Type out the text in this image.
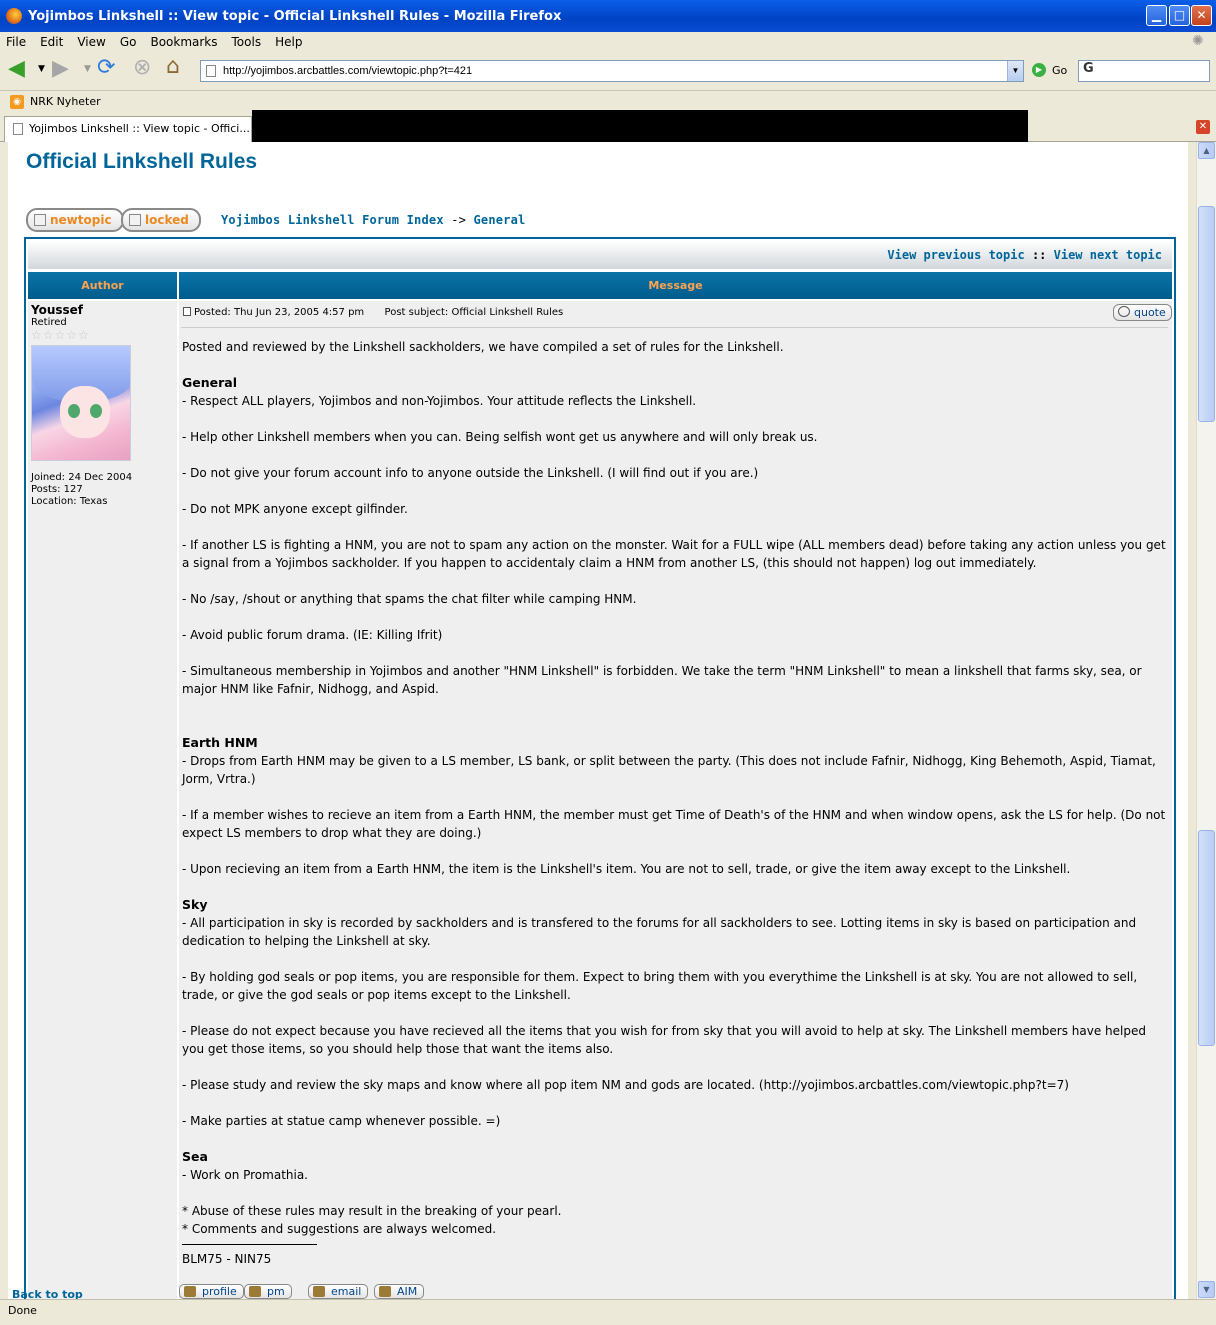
Yojimbos Linkshell :: View topic - Official Linkshell Rules - Mozilla Firefox	▁	□ ✕
File Edit View Go Bookmarks Tools Help	✺
◀ ▼ ▶ ▼ ⟳ ⊗ ⌂	http://yojimbos.arcbattles.com/viewtopic.php?t=421	▼	▶ Go	G
◉ NRK Nyheter
Yojimbos Linkshell :: View topic - Offici...	✕
Official Linkshell Rules
newtopic	locked	Yojimbos Linkshell Forum Index -> General
View previous topic :: View next topic
Author	Message
Youssef
Retired
☆☆☆☆☆
Joined: 24 Dec 2004
Posts: 127
Location: Texas
Posted: Thu Jun 23, 2005 4:57 pm Post subject: Official Linkshell Rules	quote
Posted and reviewed by the Linkshell sackholders, we have compiled a set of rules for the Linkshell.
General
- Respect ALL players, Yojimbos and non-Yojimbos. Your attitude reflects the Linkshell.
- Help other Linkshell members when you can. Being selfish wont get us anywhere and will only break us.
- Do not give your forum account info to anyone outside the Linkshell. (I will find out if you are.)
- Do not MPK anyone except gilfinder.
- If another LS is fighting a HNM, you are not to spam any action on the monster. Wait for a FULL wipe (ALL members dead) before taking any action unless you get a signal from a Yojimbos sackholder. If you happen to accidentaly claim a HNM from another LS, (this should not happen) log out immediately.
- No /say, /shout or anything that spams the chat filter while camping HNM.
- Avoid public forum drama. (IE: Killing Ifrit)
- Simultaneous membership in Yojimbos and another "HNM Linkshell" is forbidden. We take the term "HNM Linkshell" to mean a linkshell that farms sky, sea, or major HNM like Fafnir, Nidhogg, and Aspid.
Earth HNM
- Drops from Earth HNM may be given to a LS member, LS bank, or split between the party. (This does not include Fafnir, Nidhogg, King Behemoth, Aspid, Tiamat, Jorm, Vrtra.)
- If a member wishes to recieve an item from a Earth HNM, the member must get Time of Death's of the HNM and when window opens, ask the LS for help. (Do not expect LS members to drop what they are doing.)
- Upon recieving an item from a Earth HNM, the item is the Linkshell's item. You are not to sell, trade, or give the item away except to the Linkshell.
Sky
- All participation in sky is recorded by sackholders and is transfered to the forums for all sackholders to see. Lotting items in sky is based on participation and dedication to helping the Linkshell at sky.
- By holding god seals or pop items, you are responsible for them. Expect to bring them with you everythime the Linkshell is at sky. You are not allowed to sell, trade, or give the god seals or pop items except to the Linkshell.
- Please do not expect because you have recieved all the items that you wish for from sky that you will avoid to help at sky. The Linkshell members have helped you get those items, so you should help those that want the items also.
- Please study and review the sky maps and know where all pop item NM and gods are located. (http://yojimbos.arcbattles.com/viewtopic.php?t=7)
- Make parties at statue camp whenever possible. =)
Sea
- Work on Promathia.
* Abuse of these rules may result in the breaking of your pearl.
* Comments and suggestions are always welcomed.
BLM75 - NIN75
Back to top	profile	pm	email	AIM
▲
▼
Done
